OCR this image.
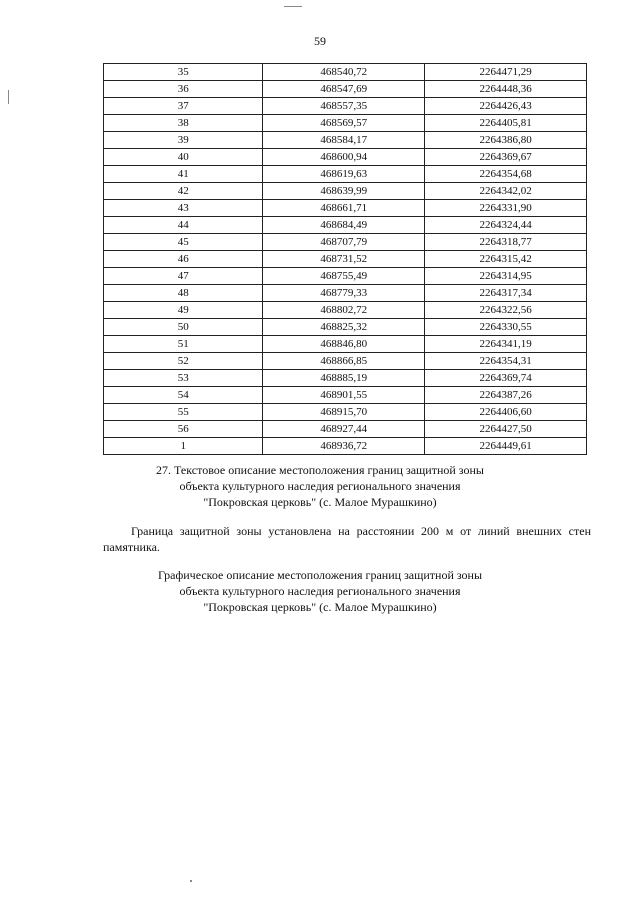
59
35	468540,72	2264471,29
36	468547,69	2264448,36
37	468557,35	2264426,43
38	468569,57	2264405,81
39	468584,17	2264386,80
40	468600,94	2264369,67
41	468619,63	2264354,68
42	468639,99	2264342,02
43	468661,71	2264331,90
44	468684,49	2264324,44
45	468707,79	2264318,77
46	468731,52	2264315,42
47	468755,49	2264314,95
48	468779,33	2264317,34
49	468802,72	2264322,56
50	468825,32	2264330,55
51	468846,80	2264341,19
52	468866,85	2264354,31
53	468885,19	2264369,74
54	468901,55	2264387,26
55	468915,70	2264406,60
56	468927,44	2264427,50
1	468936,72	2264449,61
27. Текстовое описание местоположения границ защитной зоны
объекта культурного наследия регионального значения
"Покровская церковь" (с. Малое Мурашкино)
Граница защитной зоны установлена на расстоянии 200 м от линий внешних стен памятника.
Графическое описание местоположения границ защитной зоны
объекта культурного наследия регионального значения
"Покровская церковь" (с. Малое Мурашкино)
